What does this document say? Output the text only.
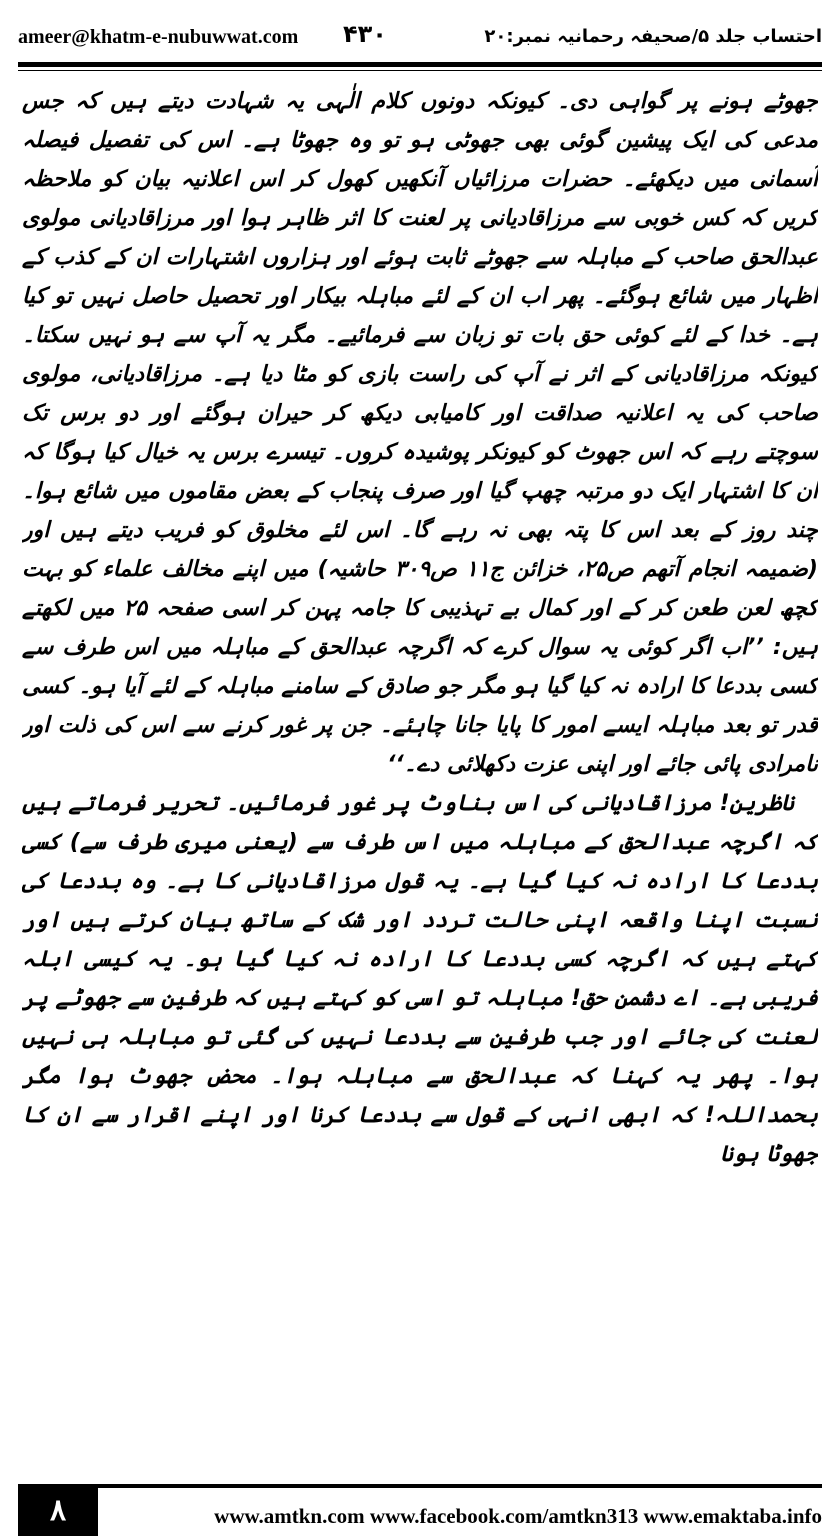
ameer@khatm-e-nubuwwat.com ۴۳۰	احتساب جلد ۵/صحیفہ رحمانیہ نمبر:۲۰

جھوٹے ہونے پر گواہی دی۔ کیونکہ دونوں کلام الٰہی یہ شہادت دیتے ہیں کہ جس مدعی کی ایک پیشین گوئی بھی جھوٹی ہو تو وہ جھوٹا ہے۔ اس کی تفصیل فیصلہ آسمانی میں دیکھئے۔ حضرات مرزائیاں آنکھیں کھول کر اس اعلانیہ بیان کو ملاحظہ کریں کہ کس خوبی سے مرزاقادیانی پر لعنت کا اثر ظاہر ہوا اور مرزاقادیانی مولوی عبدالحق صاحب کے مباہلہ سے جھوٹے ثابت ہوئے اور ہزاروں اشتہارات ان کے کذب کے اظہار میں شائع ہوگئے۔ پھر اب ان کے لئے مباہلہ بیکار اور تحصیل حاصل نہیں تو کیا ہے۔ خدا کے لئے کوئی حق بات تو زبان سے فرمائیے۔ مگر یہ آپ سے ہو نہیں سکتا۔ کیونکہ مرزاقادیانی کے اثر نے آپ کی راست بازی کو مٹا دیا ہے۔ مرزاقادیانی، مولوی صاحب کی یہ اعلانیہ صداقت اور کامیابی دیکھ کر حیران ہوگئے اور دو برس تک سوچتے رہے کہ اس جھوٹ کو کیونکر پوشیدہ کروں۔ تیسرے برس یہ خیال کیا ہوگا کہ ان کا اشتہار ایک دو مرتبہ چھپ گیا اور صرف پنجاب کے بعض مقاموں میں شائع ہوا۔ چند روز کے بعد اس کا پتہ بھی نہ رہے گا۔ اس لئے مخلوق کو فریب دیتے ہیں اور (ضمیمہ انجام آتھم ص۲۵، خزائن ج۱۱ ص۳۰۹ حاشیہ) میں اپنے مخالف علماء کو بہت کچھ لعن طعن کر کے اور کمال بے تہذیبی کا جامہ پہن کر اسی صفحہ ۲۵ میں لکھتے ہیں: ’’اب اگر کوئی یہ سوال کرے کہ اگرچہ عبدالحق کے مباہلہ میں اس طرف سے کسی بددعا کا ارادہ نہ کیا گیا ہو مگر جو صادق کے سامنے مباہلہ کے لئے آیا ہو۔ کسی قدر تو بعد مباہلہ ایسے امور کا پایا جانا چاہئے۔ جن پر غور کرنے سے اس کی ذلت اور نامرادی پائی جائے اور اپنی عزت دکھلائی دے۔‘‘

ناظرین! مرزاقادیانی کی اس بناوٹ پر غور فرمائیں۔ تحریر فرماتے ہیں کہ اگرچہ عبدالحق کے مباہلہ میں اس طرف سے (یعنی میری طرف سے) کسی بددعا کا ارادہ نہ کیا گیا ہے۔ یہ قول مرزاقادیانی کا ہے۔ وہ بددعا کی نسبت اپنا واقعہ اپنی حالت تردد اور شک کے ساتھ بیان کرتے ہیں اور کہتے ہیں کہ اگرچہ کسی بددعا کا ارادہ نہ کیا گیا ہو۔ یہ کیسی ابلہ فریبی ہے۔ اے دشمن حق! مباہلہ تو اسی کو کہتے ہیں کہ طرفین سے جھوٹے پر لعنت کی جائے اور جب طرفین سے بددعا نہیں کی گئی تو مباہلہ ہی نہیں ہوا۔ پھر یہ کہنا کہ عبدالحق سے مباہلہ ہوا۔ محض جھوٹ ہوا مگر بحمداللہ! کہ ابھی انہی کے قول سے بددعا کرنا اور اپنے اقرار سے ان کا جھوٹا ہونا

۸	www.amtkn.com www.facebook.com/amtkn313 www.emaktaba.info
